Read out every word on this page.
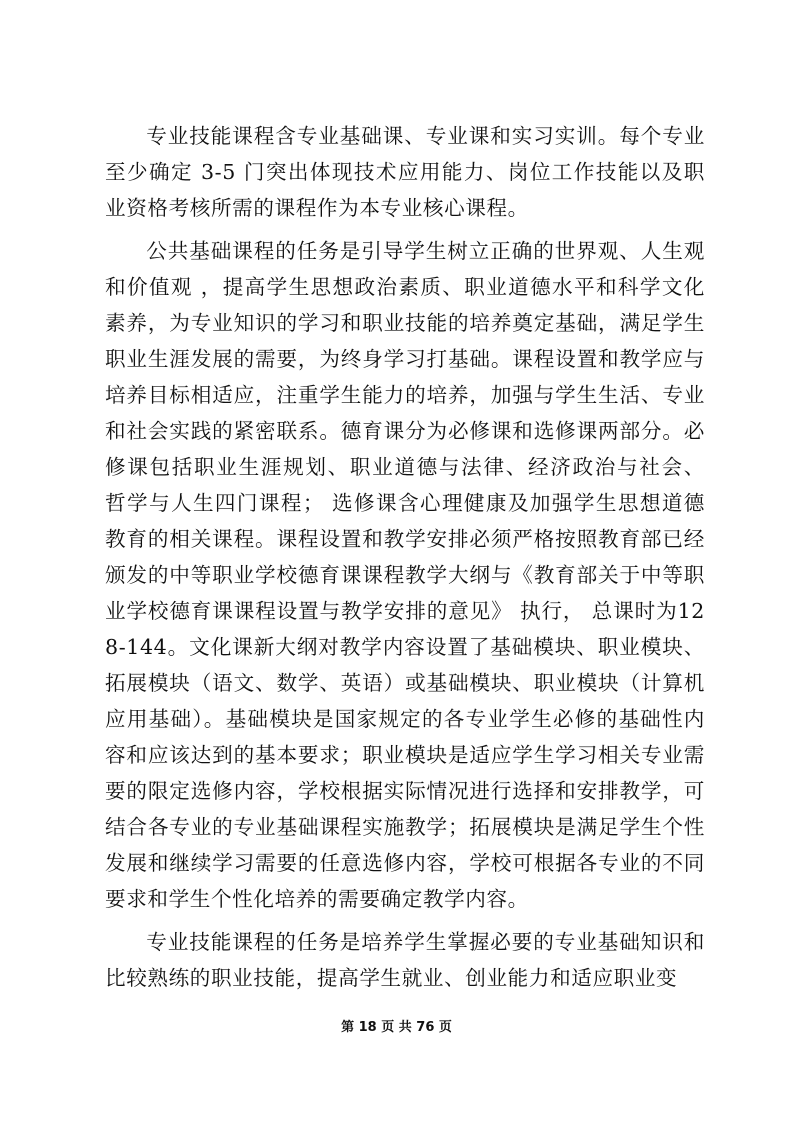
专业技能课程含专业基础课、专业课和实习实训。每个专业至少确定 3-5 门突出体现技术应用能力、岗位工作技能以及职业资格考核所需的课程作为本专业核心课程。

公共基础课程的任务是引导学生树立正确的世界观、人生观和价值观 ，提高学生思想政治素质、职业道德水平和科学文化素养，为专业知识的学习和职业技能的培养奠定基础，满足学生职业生涯发展的需要，为终身学习打基础。课程设置和教学应与培养目标相适应，注重学生能力的培养，加强与学生生活、专业和社会实践的紧密联系。德育课分为必修课和选修课两部分。必修课包括职业生涯规划、职业道德与法律、经济政治与社会、 哲学与人生四门课程； 选修课含心理健康及加强学生思想道德教育的相关课程。课程设置和教学安排必须严格按照教育部已经颁发的中等职业学校德育课课程教学大纲与《教育部关于中等职业学校德育课课程设置与教学安排的意见》 执行， 总课时为128-144。文化课新大纲对教学内容设置了基础模块、职业模块、拓展模块（语文、数学、英语）或基础模块、职业模块（计算机应用基础）。基础模块是国家规定的各专业学生必修的基础性内容和应该达到的基本要求；职业模块是适应学生学习相关专业需要的限定选修内容，学校根据实际情况进行选择和安排教学，可结合各专业的专业基础课程实施教学；拓展模块是满足学生个性发展和继续学习需要的任意选修内容，学校可根据各专业的不同要求和学生个性化培养的需要确定教学内容。

专业技能课程的任务是培养学生掌握必要的专业基础知识和比较熟练的职业技能，提高学生就业、创业能力和适应职业变

第 18 页 共 76 页
